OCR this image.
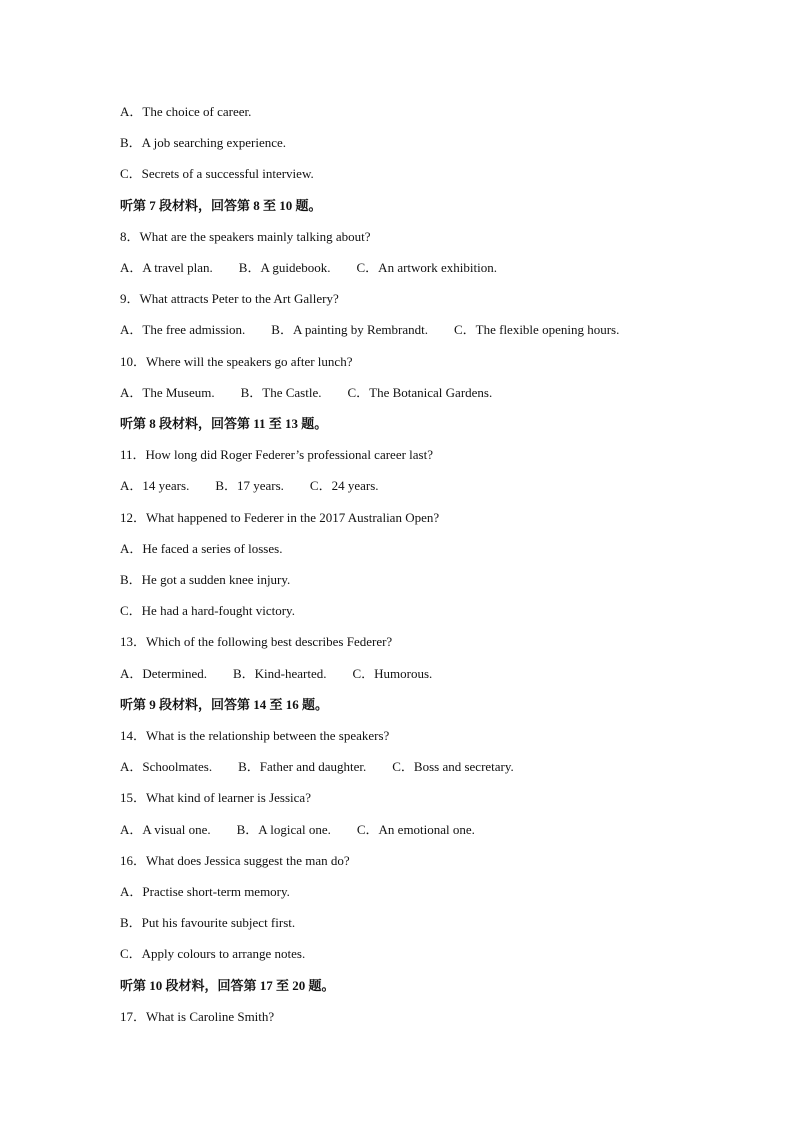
A．The choice of career.

B．A job searching experience.

C．Secrets of a successful interview.

听第 7 段材料，回答第 8 至 10 题。

8．What are the speakers mainly talking about?

A．A travel plan.        B．A guidebook.        C．An artwork exhibition.

9．What attracts Peter to the Art Gallery?

A．The free admission.        B．A painting by Rembrandt.        C．The flexible opening hours.

10．Where will the speakers go after lunch?

A．The Museum.        B．The Castle.        C．The Botanical Gardens.

听第 8 段材料，回答第 11 至 13 题。

11．How long did Roger Federer’s professional career last?

A．14 years.        B．17 years.        C．24 years.

12．What happened to Federer in the 2017 Australian Open?

A．He faced a series of losses.

B．He got a sudden knee injury.

C．He had a hard-fought victory.

13．Which of the following best describes Federer?

A．Determined.        B．Kind-hearted.        C．Humorous.

听第 9 段材料，回答第 14 至 16 题。

14．What is the relationship between the speakers?

A．Schoolmates.        B．Father and daughter.        C．Boss and secretary.

15．What kind of learner is Jessica?

A．A visual one.        B．A logical one.        C．An emotional one.

16．What does Jessica suggest the man do?

A．Practise short-term memory.

B．Put his favourite subject first.

C．Apply colours to arrange notes.

听第 10 段材料，回答第 17 至 20 题。

17．What is Caroline Smith?
